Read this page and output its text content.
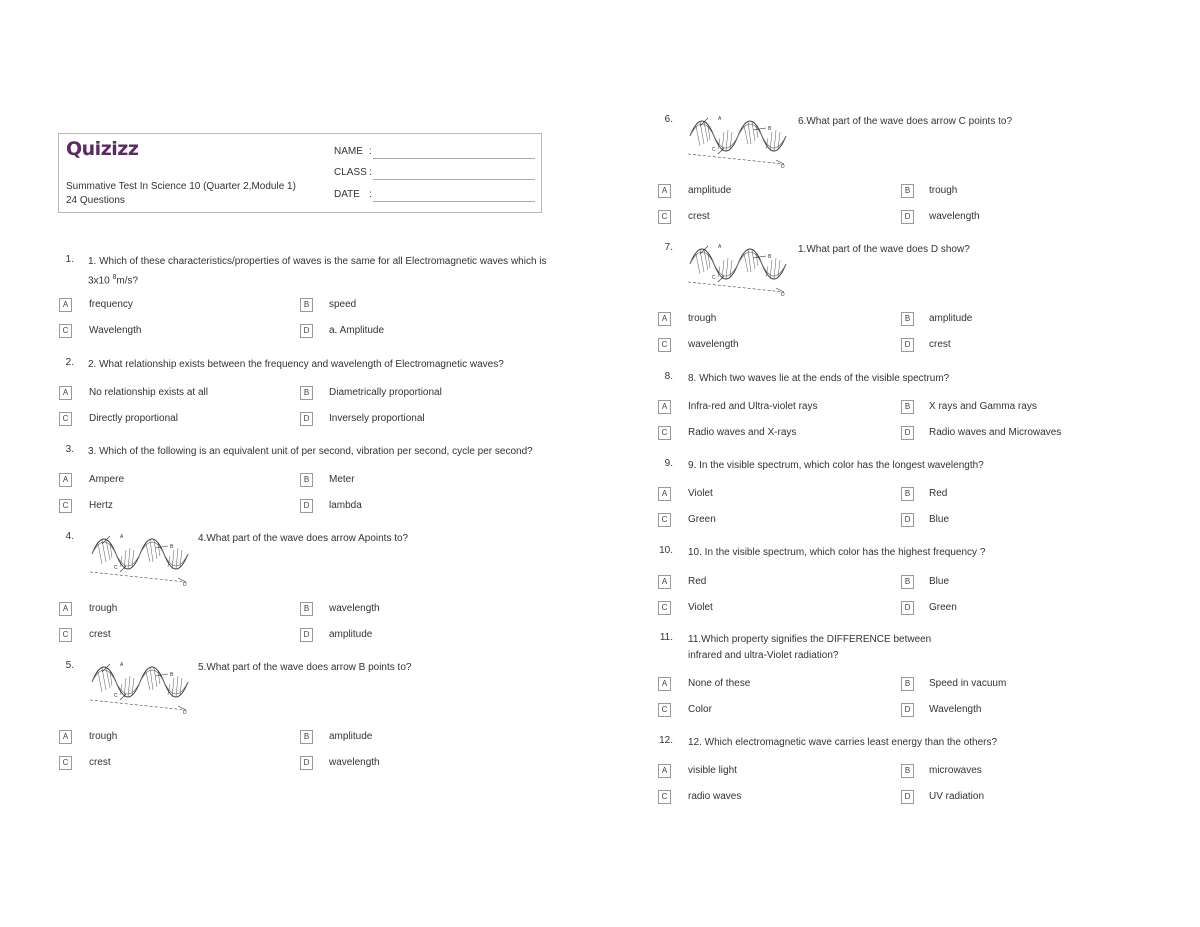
Quizizz
Summative Test In Science 10 (Quarter 2,Module 1)
24 Questions
NAME :
CLASS :
DATE :
1. 1. Which of these characteristics/properties of waves is the same for all Electromagnetic waves which is
3x10 $^8$m/s?
A	frequency	B	speed
C	Wavelength	D	a. Amplitude
2. 2. What relationship exists between the frequency and wavelength of Electromagnetic waves?
A	No relationship exists at all	B	Diametrically proportional
C	Directly proportional	D	Inversely proportional
3. 3. Which of the following is an equivalent unit of per second, vibration per second, cycle per second?
A	Ampere	B	Meter
C	Hertz	D	lambda
4.	A
B
C
D
4.What part of the wave does arrow Apoints to?
A	trough	B	wavelength
C	crest	D	amplitude
5.	A
B
C
D
5.What part of the wave does arrow B points to?
A	trough	B	amplitude
C	crest	D	wavelength
6.	A
B
C
D
6.What part of the wave does arrow C points to?
A	amplitude	B	trough
C	crest	D	wavelength
7.	A
B
C
D
1.What part of the wave does D show?
A	trough	B	amplitude
C	wavelength	D	crest
8. 8. Which two waves lie at the ends of the visible spectrum?
A	Infra-red and Ultra-violet rays	B	X rays and Gamma rays
C	Radio waves and X-rays	D	Radio waves and Microwaves
9. 9. In the visible spectrum, which color has the longest wavelength?
A	Violet	B	Red
C	Green	D	Blue
10. 10. In the visible spectrum, which color has the highest frequency ?
A	Red	B	Blue
C	Violet	D	Green
11. 11.Which property signifies the DIFFERENCE between
infrared and ultra-Violet radiation?
A	None of these	B	Speed in vacuum
C	Color	D	Wavelength
12. 12. Which electromagnetic wave carries least energy than the others?
A	visible light	B	microwaves
C	radio waves	D	UV radiation
